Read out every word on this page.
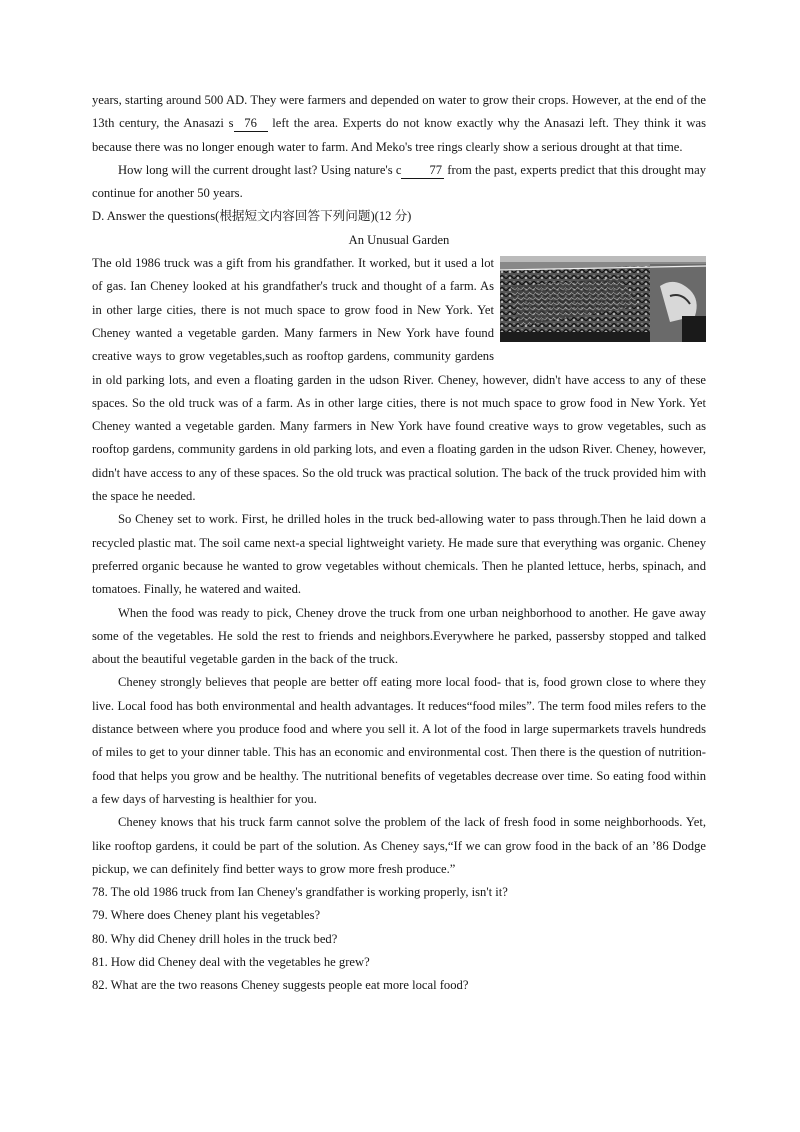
years, starting around 500 AD. They were farmers and depended on water to grow their crops. However, at the end of the 13th century, the Anasazi s 76 left the area. Experts do not know exactly why the Anasazi left. They think it was because there was no longer enough water to farm. And Meko's tree rings clearly show a serious drought at that time.

How long will the current drought last? Using nature's c 77 from the past, experts predict that this drought may continue for another 50 years.

D. Answer the questions(根据短文内容回答下列问题)(12 分)

An Unusual Garden

The old 1986 truck was a gift from his grandfather. It worked, but it used a lot of gas. Ian Cheney looked at his grandfather's truck and thought of a farm. As in other large cities, there is not much space to grow food in New York. Yet Cheney wanted a vegetable garden. Many farmers in New York have found creative ways to grow vegetables,such as rooftop gardens, community gardens in old parking lots, and even a floating garden in the udson River. Cheney, however, didn't have access to any of these spaces. So the old truck was of a farm. As in other large cities, there is not much space to grow food in New York. Yet Cheney wanted a vegetable garden. Many farmers in New York have found creative ways to grow vegetables, such as rooftop gardens, community gardens in old parking lots, and even a floating garden in the udson River. Cheney, however, didn't have access to any of these spaces. So the old truck was practical solution. The back of the truck provided him with the space he needed.

So Cheney set to work. First, he drilled holes in the truck bed-allowing water to pass through.Then he laid down a recycled plastic mat. The soil came next-a special lightweight variety. He made sure that everything was organic. Cheney preferred organic because he wanted to grow vegetables without chemicals. Then he planted lettuce, herbs, spinach, and tomatoes. Finally, he watered and waited.

When the food was ready to pick, Cheney drove the truck from one urban neighborhood to another. He gave away some of the vegetables. He sold the rest to friends and neighbors.Everywhere he parked, passersby stopped and talked about the beautiful vegetable garden in the back of the truck.

Cheney strongly believes that people are better off eating more local food- that is, food grown close to where they live. Local food has both environmental and health advantages. It reduces“food miles”. The term food miles refers to the distance between where you produce food and where you sell it. A lot of the food in large supermarkets travels hundreds of miles to get to your dinner table. This has an economic and environmental cost. Then there is the question of nutrition-food that helps you grow and be healthy. The nutritional benefits of vegetables decrease over time. So eating food within a few days of harvesting is healthier for you.

Cheney knows that his truck farm cannot solve the problem of the lack of fresh food in some neighborhoods. Yet, like rooftop gardens, it could be part of the solution. As Cheney says,“If we can grow food in the back of an ’86 Dodge pickup, we can definitely find better ways to grow more fresh produce.”

78. The old 1986 truck from Ian Cheney's grandfather is working properly, isn't it?

79. Where does Cheney plant his vegetables?

80. Why did Cheney drill holes in the truck bed?

81. How did Cheney deal with the vegetables he grew?

82. What are the two reasons Cheney suggests people eat more local food?
